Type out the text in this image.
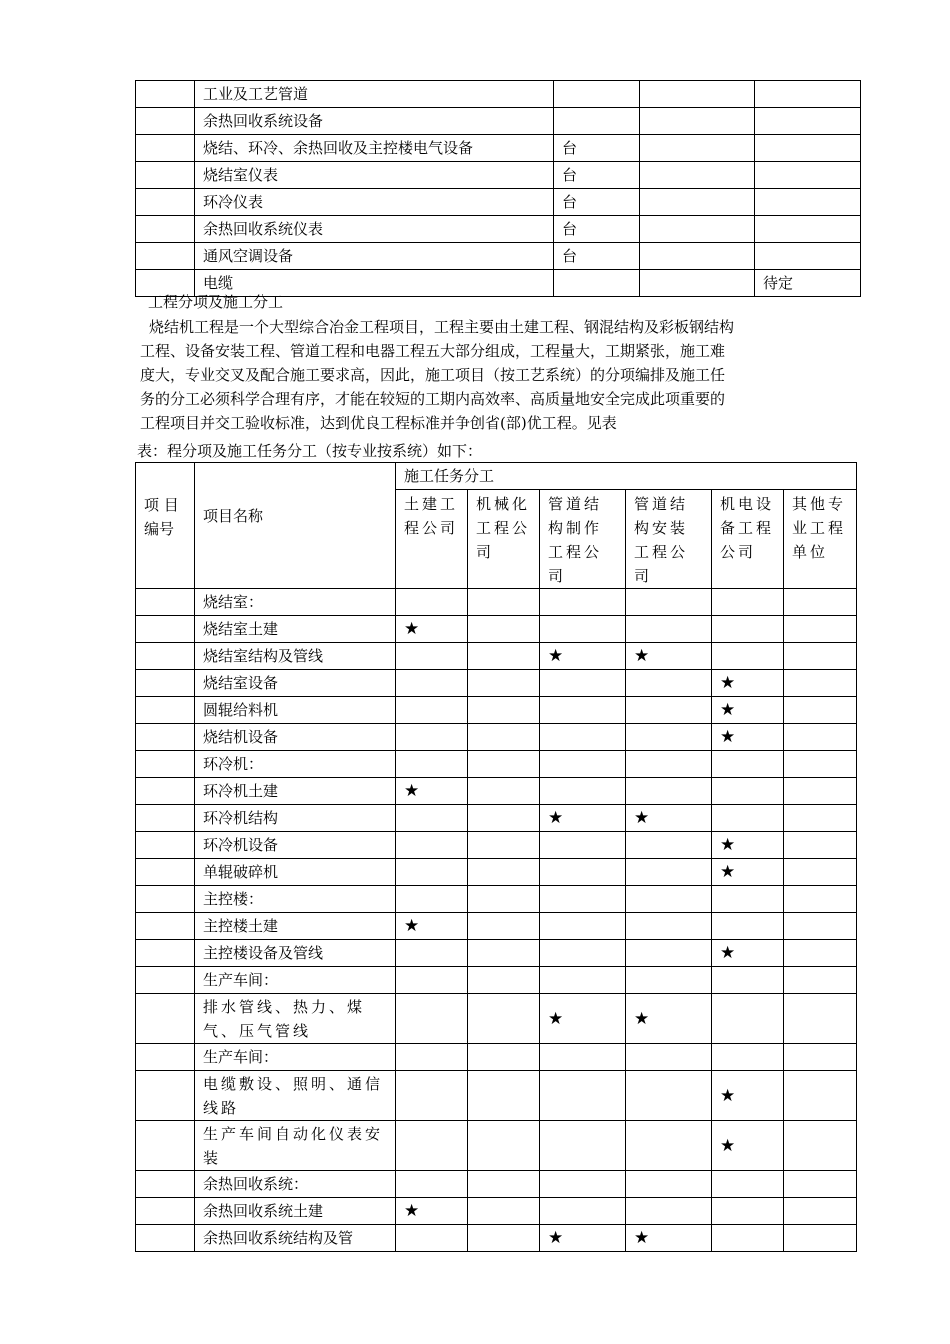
	工业及工艺管道			
	余热回收系统设备			
	烧结、环冷、余热回收及主控楼电气设备	台		
	烧结室仪表	台		
	环冷仪表	台		
	余热回收系统仪表	台		
	通风空调设备	台		
	电缆			待定
工程分项及施工分工
烧结机工程是一个大型综合冶金工程项目，工程主要由土建工程、钢混结构及彩板钢结构
工程、设备安装工程、管道工程和电器工程五大部分组成，工程量大，工期紧张，施工难
度大，专业交叉及配合施工要求高，因此，施工项目（按工艺系统）的分项编排及施工任
务的分工必须科学合理有序，才能在较短的工期内高效率、高质量地安全完成此项重要的
工程项目并交工验收标准，达到优良工程标准并争创省(部)优工程。见表
表：程分项及施工任务分工（按专业按系统）如下：
项 目编号	项目名称	施工任务分工					
		土建工程公司	机械化工程公司	管道结构制作工程公司	管道结构安装工程公司	机电设备工程公司	其他专业工程单位
	烧结室：						
	烧结室土建	★					
	烧结室结构及管线			★	★		
	烧结室设备					★	
	圆辊给料机					★	
	烧结机设备					★	
	环冷机：						
	环冷机土建	★					
	环冷机结构			★	★		
	环冷机设备					★	
	单辊破碎机					★	
	主控楼：						
	主控楼土建	★					
	主控楼设备及管线					★	
	生产车间：						
	排水管线、热力、煤气、压气管线			★	★		
	生产车间：						
	电缆敷设、照明、通信线路					★	
	生产车间自动化仪表安装					★	
	余热回收系统：						
	余热回收系统土建	★					
	余热回收系统结构及管			★	★		
